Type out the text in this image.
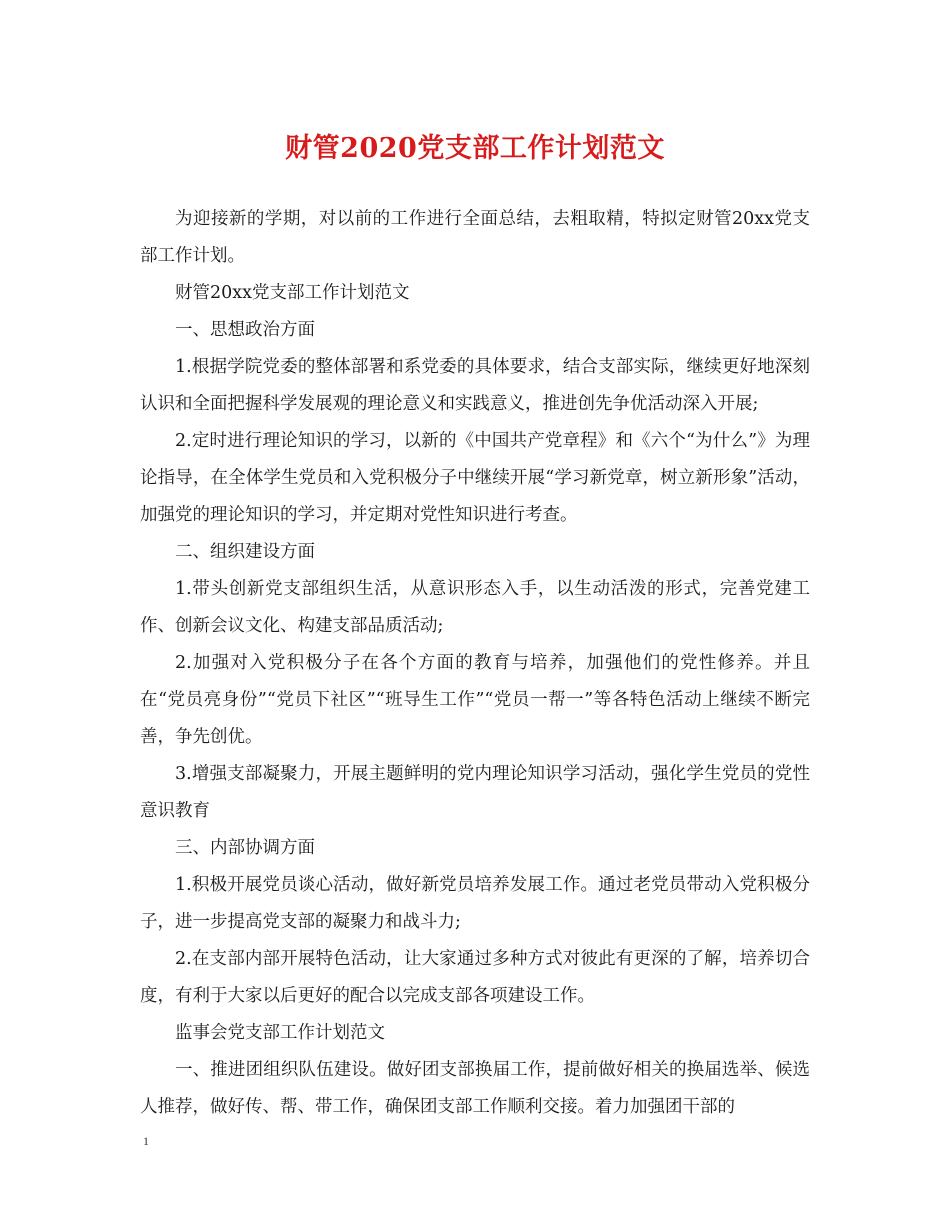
财管2020党支部工作计划范文

为迎接新的学期，对以前的工作进行全面总结，去粗取精，特拟定财管20xx党支部工作计划。

财管20xx党支部工作计划范文

一、思想政治方面

1.根据学院党委的整体部署和系党委的具体要求，结合支部实际，继续更好地深刻认识和全面把握科学发展观的理论意义和实践意义，推进创先争优活动深入开展;

2.定时进行理论知识的学习，以新的《中国共产党章程》和《六个“为什么”》为理论指导，在全体学生党员和入党积极分子中继续开展“学习新党章，树立新形象”活动，加强党的理论知识的学习，并定期对党性知识进行考查。

二、组织建设方面

1.带头创新党支部组织生活，从意识形态入手，以生动活泼的形式，完善党建工作、创新会议文化、构建支部品质活动;

2.加强对入党积极分子在各个方面的教育与培养，加强他们的党性修养。并且在“党员亮身份”“党员下社区”“班导生工作”“党员一帮一”等各特色活动上继续不断完善，争先创优。

3.增强支部凝聚力，开展主题鲜明的党内理论知识学习活动，强化学生党员的党性意识教育

三、内部协调方面

1.积极开展党员谈心活动，做好新党员培养发展工作。通过老党员带动入党积极分子，进一步提高党支部的凝聚力和战斗力;

2.在支部内部开展特色活动，让大家通过多种方式对彼此有更深的了解，培养切合度，有利于大家以后更好的配合以完成支部各项建设工作。

监事会党支部工作计划范文

一、推进团组织队伍建设。做好团支部换届工作，提前做好相关的换届选举、候选人推荐，做好传、帮、带工作，确保团支部工作顺利交接。着力加强团干部的

1
